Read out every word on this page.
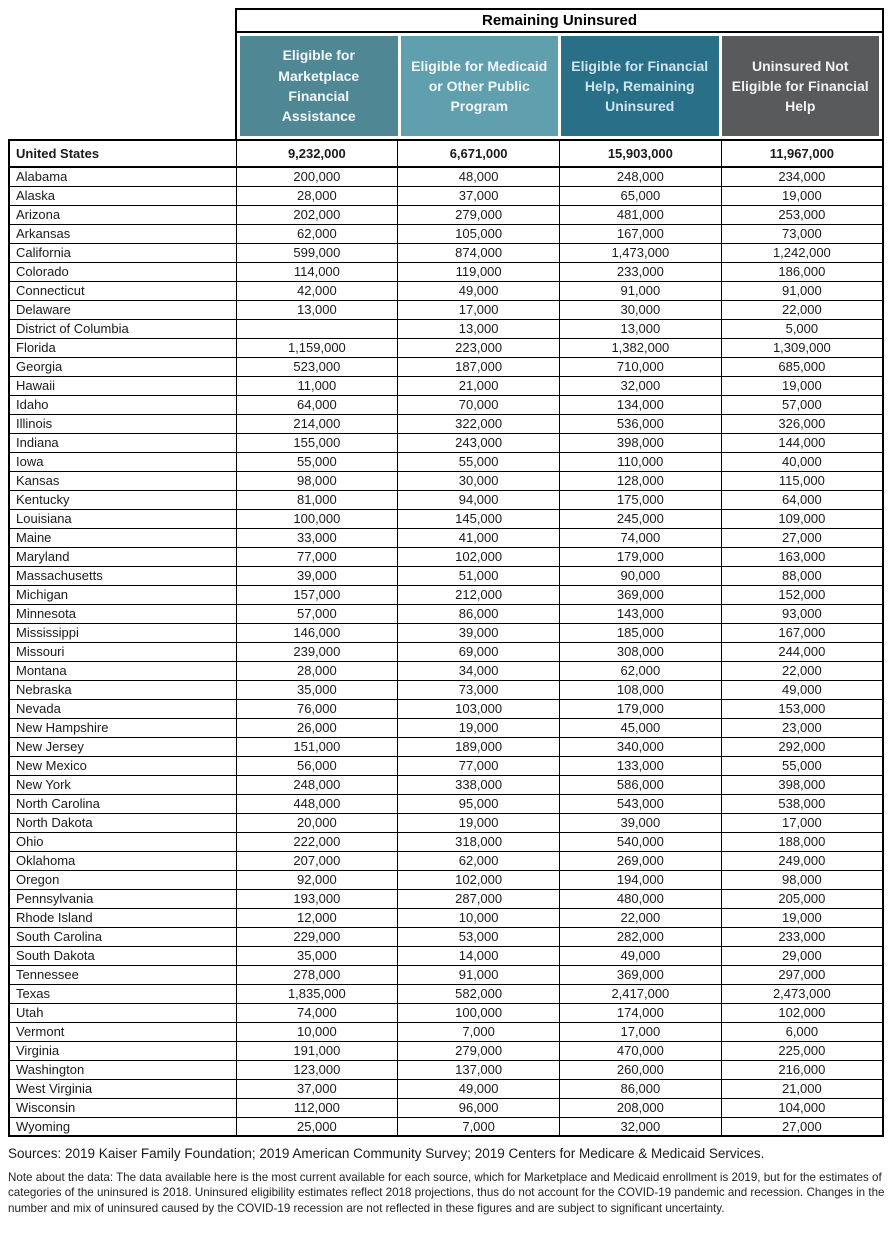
Remaining Uninsured
Eligible for Marketplace Financial Assistance
Eligible for Medicaid or Other Public Program
Eligible for Financial Help, Remaining Uninsured
Uninsured Not Eligible for Financial Help
United States	9,232,000	6,671,000	15,903,000	11,967,000
Alabama	200,000	48,000	248,000	234,000
Alaska	28,000	37,000	65,000	19,000
Arizona	202,000	279,000	481,000	253,000
Arkansas	62,000	105,000	167,000	73,000
California	599,000	874,000	1,473,000	1,242,000
Colorado	114,000	119,000	233,000	186,000
Connecticut	42,000	49,000	91,000	91,000
Delaware	13,000	17,000	30,000	22,000
District of Columbia		13,000	13,000	5,000
Florida	1,159,000	223,000	1,382,000	1,309,000
Georgia	523,000	187,000	710,000	685,000
Hawaii	11,000	21,000	32,000	19,000
Idaho	64,000	70,000	134,000	57,000
Illinois	214,000	322,000	536,000	326,000
Indiana	155,000	243,000	398,000	144,000
Iowa	55,000	55,000	110,000	40,000
Kansas	98,000	30,000	128,000	115,000
Kentucky	81,000	94,000	175,000	64,000
Louisiana	100,000	145,000	245,000	109,000
Maine	33,000	41,000	74,000	27,000
Maryland	77,000	102,000	179,000	163,000
Massachusetts	39,000	51,000	90,000	88,000
Michigan	157,000	212,000	369,000	152,000
Minnesota	57,000	86,000	143,000	93,000
Mississippi	146,000	39,000	185,000	167,000
Missouri	239,000	69,000	308,000	244,000
Montana	28,000	34,000	62,000	22,000
Nebraska	35,000	73,000	108,000	49,000
Nevada	76,000	103,000	179,000	153,000
New Hampshire	26,000	19,000	45,000	23,000
New Jersey	151,000	189,000	340,000	292,000
New Mexico	56,000	77,000	133,000	55,000
New York	248,000	338,000	586,000	398,000
North Carolina	448,000	95,000	543,000	538,000
North Dakota	20,000	19,000	39,000	17,000
Ohio	222,000	318,000	540,000	188,000
Oklahoma	207,000	62,000	269,000	249,000
Oregon	92,000	102,000	194,000	98,000
Pennsylvania	193,000	287,000	480,000	205,000
Rhode Island	12,000	10,000	22,000	19,000
South Carolina	229,000	53,000	282,000	233,000
South Dakota	35,000	14,000	49,000	29,000
Tennessee	278,000	91,000	369,000	297,000
Texas	1,835,000	582,000	2,417,000	2,473,000
Utah	74,000	100,000	174,000	102,000
Vermont	10,000	7,000	17,000	6,000
Virginia	191,000	279,000	470,000	225,000
Washington	123,000	137,000	260,000	216,000
West Virginia	37,000	49,000	86,000	21,000
Wisconsin	112,000	96,000	208,000	104,000
Wyoming	25,000	7,000	32,000	27,000
Sources: 2019 Kaiser Family Foundation; 2019 American Community Survey; 2019 Centers for Medicare & Medicaid Services.
Note about the data: The data available here is the most current available for each source, which for Marketplace and Medicaid enrollment is 2019, but for the estimates of categories of the uninsured is 2018. Uninsured eligibility estimates reflect 2018 projections, thus do not account for the COVID-19 pandemic and recession. Changes in the number and mix of uninsured caused by the COVID-19 recession are not reflected in these figures and are subject to significant uncertainty.
